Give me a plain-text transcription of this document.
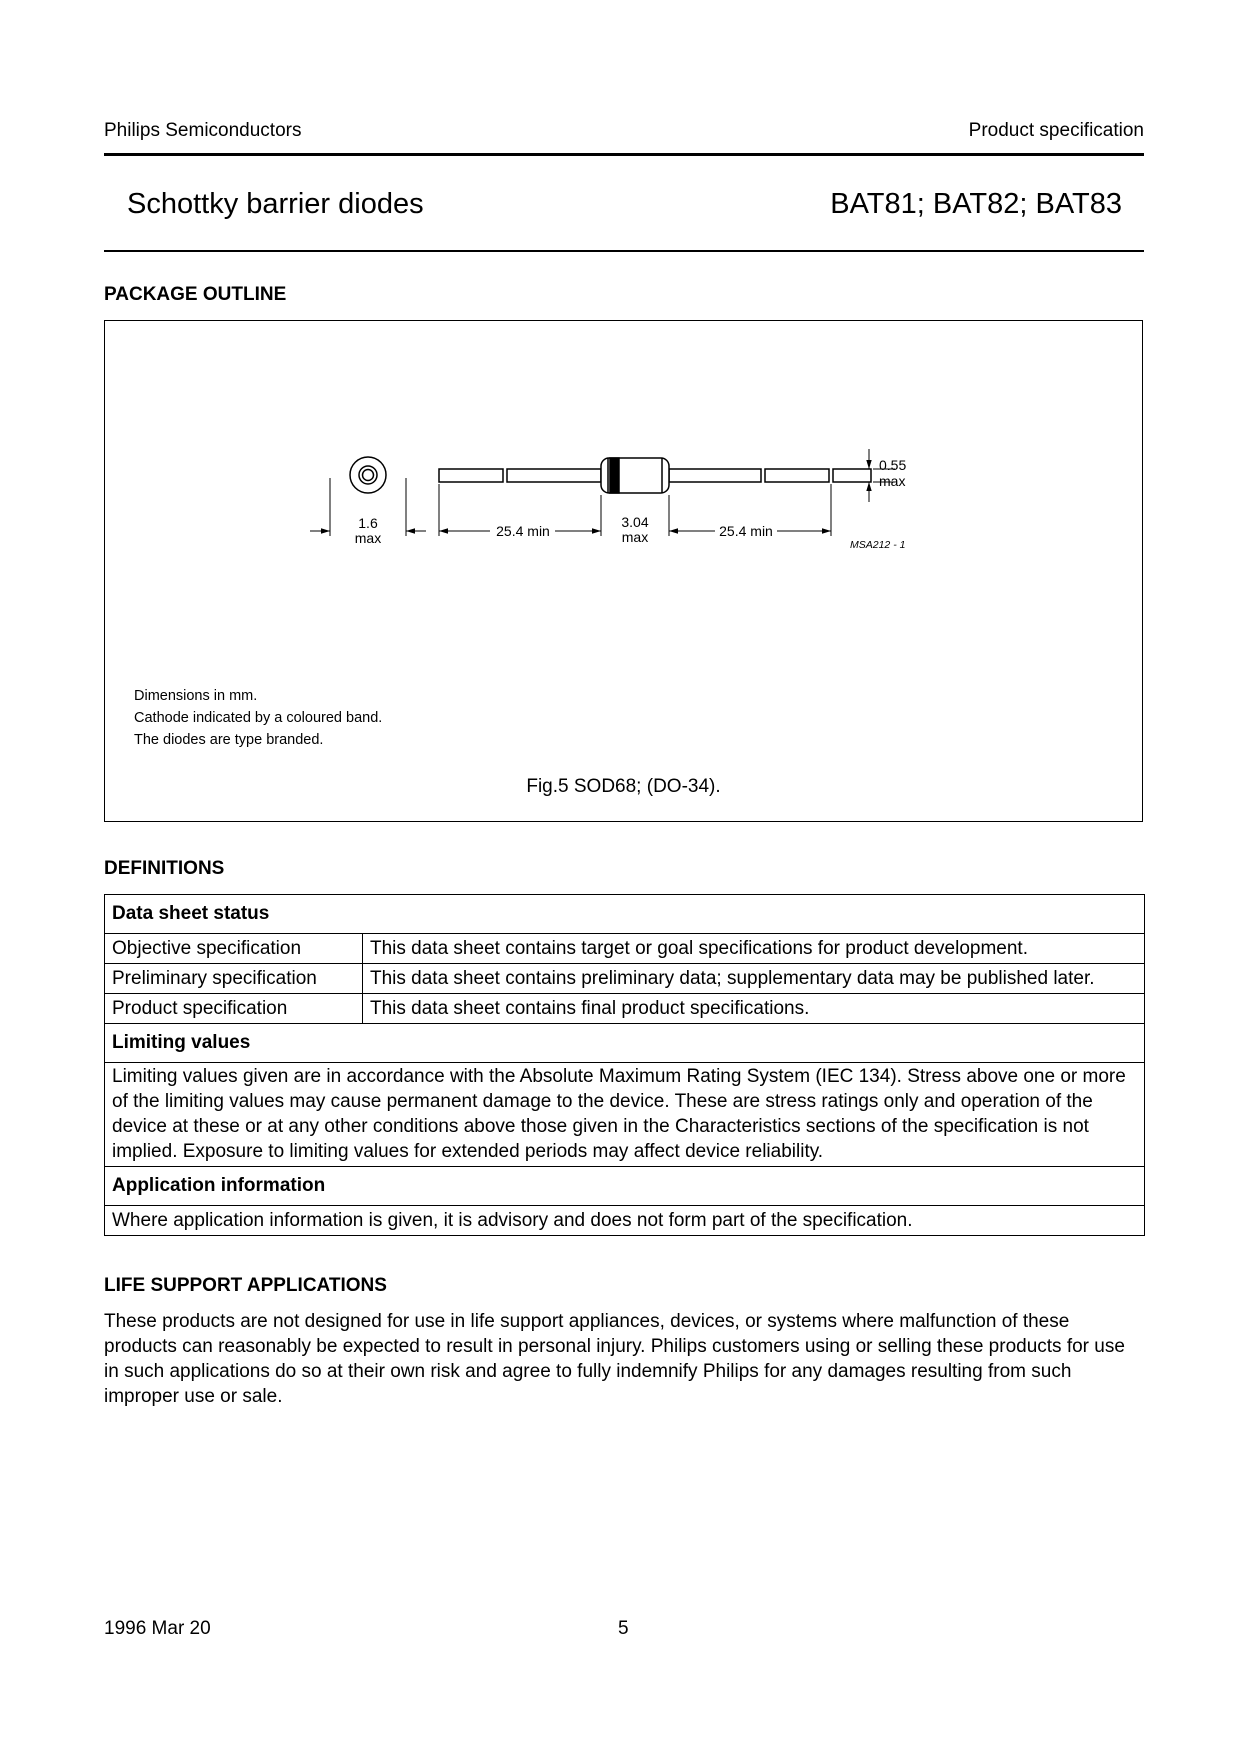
Philips Semiconductors	Product specification
Schottky barrier diodes	BAT81; BAT82; BAT83
PACKAGE OUTLINE
1.6
max	25.4 min
3.04
max	25.4 min
0.55
max
MSA212 - 1
Dimensions in mm.
Cathode indicated by a coloured band.
The diodes are type branded.
Fig.5 SOD68; (DO-34).
DEFINITIONS
Data sheet status	
Objective specification	This data sheet contains target or goal specifications for product development.
Preliminary specification	This data sheet contains preliminary data; supplementary data may be published later.
Product specification	This data sheet contains final product specifications.
Limiting values	
Limiting values given are in accordance with the Absolute Maximum Rating System (IEC 134). Stress above one or more of the limiting values may cause permanent damage to the device. These are stress ratings only and operation of the device at these or at any other conditions above those given in the Characteristics sections of the specification is not implied. Exposure to limiting values for extended periods may affect device reliability.	
Application information	
Where application information is given, it is advisory and does not form part of the specification.	
LIFE SUPPORT APPLICATIONS
These products are not designed for use in life support appliances, devices, or systems where malfunction of these products can reasonably be expected to result in personal injury. Philips customers using or selling these products for use in such applications do so at their own risk and agree to fully indemnify Philips for any damages resulting from such improper use or sale.
1996 Mar 20	5
